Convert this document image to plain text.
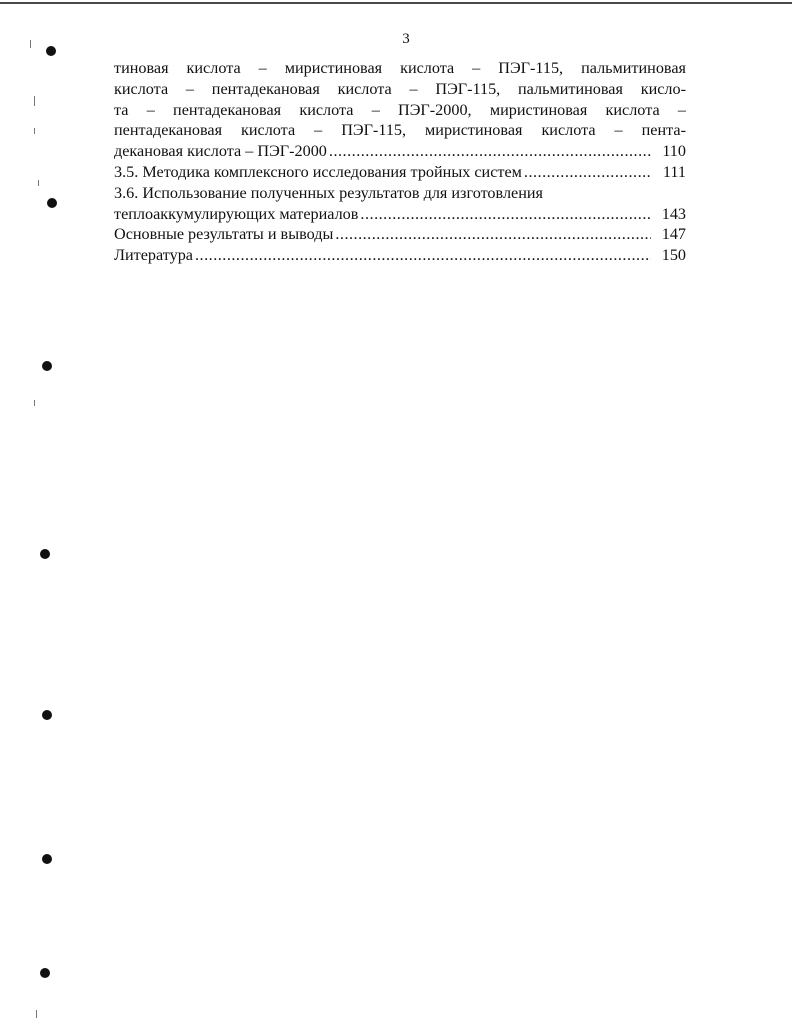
3
тиновая кислота – миристиновая кислота – ПЭГ-115, пальмитиновая
кислота – пентадекановая кислота – ПЭГ-115, пальмитиновая кисло-
та – пентадекановая кислота – ПЭГ-2000, миристиновая кислота –
пентадекановая кислота – ПЭГ-115, миристиновая кислота – пента-
декановая кислота – ПЭГ-2000 .....	110
3.5. Методика комплексного исследования тройных систем .....	111
3.6. Использование полученных результатов для изготовления
теплоаккумулирующих материалов .....	143
Основные результаты и выводы .....	147
Литература .....	150
